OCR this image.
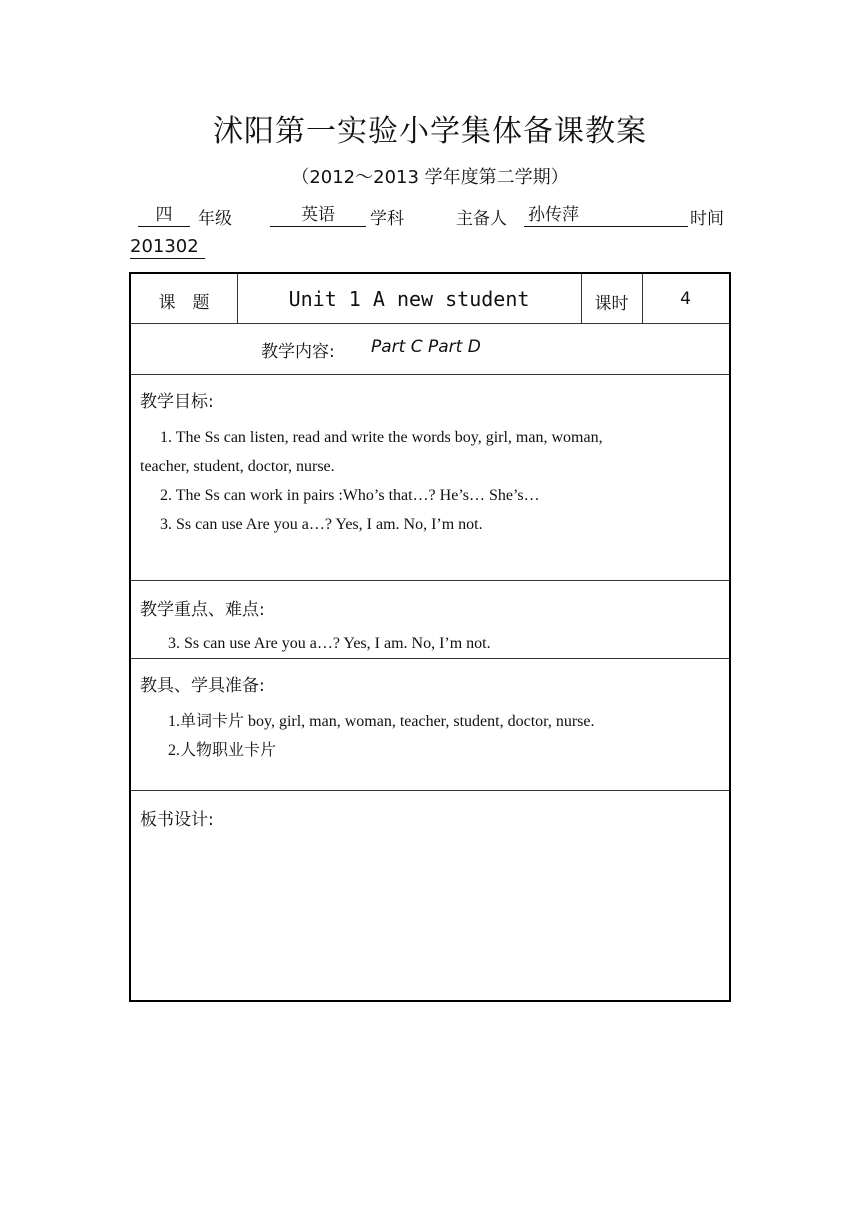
沭阳第一实验小学集体备课教案
（2012～2013 学年度第二学期）
四	年级	英语	学科	主备人 孙传萍	时间
201302
课　题	Unit 1 A new student	课时	4
教学内容: Part C Part D
教学目标:
1. The Ss can listen, read and write the words boy, girl, man, woman,
teacher, student, doctor, nurse.
2. The Ss can work in pairs :Who’s that…? He’s… She’s…
3. Ss can use Are you a…? Yes, I am. No, I’m not.
教学重点、难点:
3. Ss can use Are you a…? Yes, I am. No, I’m not.
教具、学具准备:
1.单词卡片 boy, girl, man, woman, teacher, student, doctor, nurse.
2.人物职业卡片
板书设计:
